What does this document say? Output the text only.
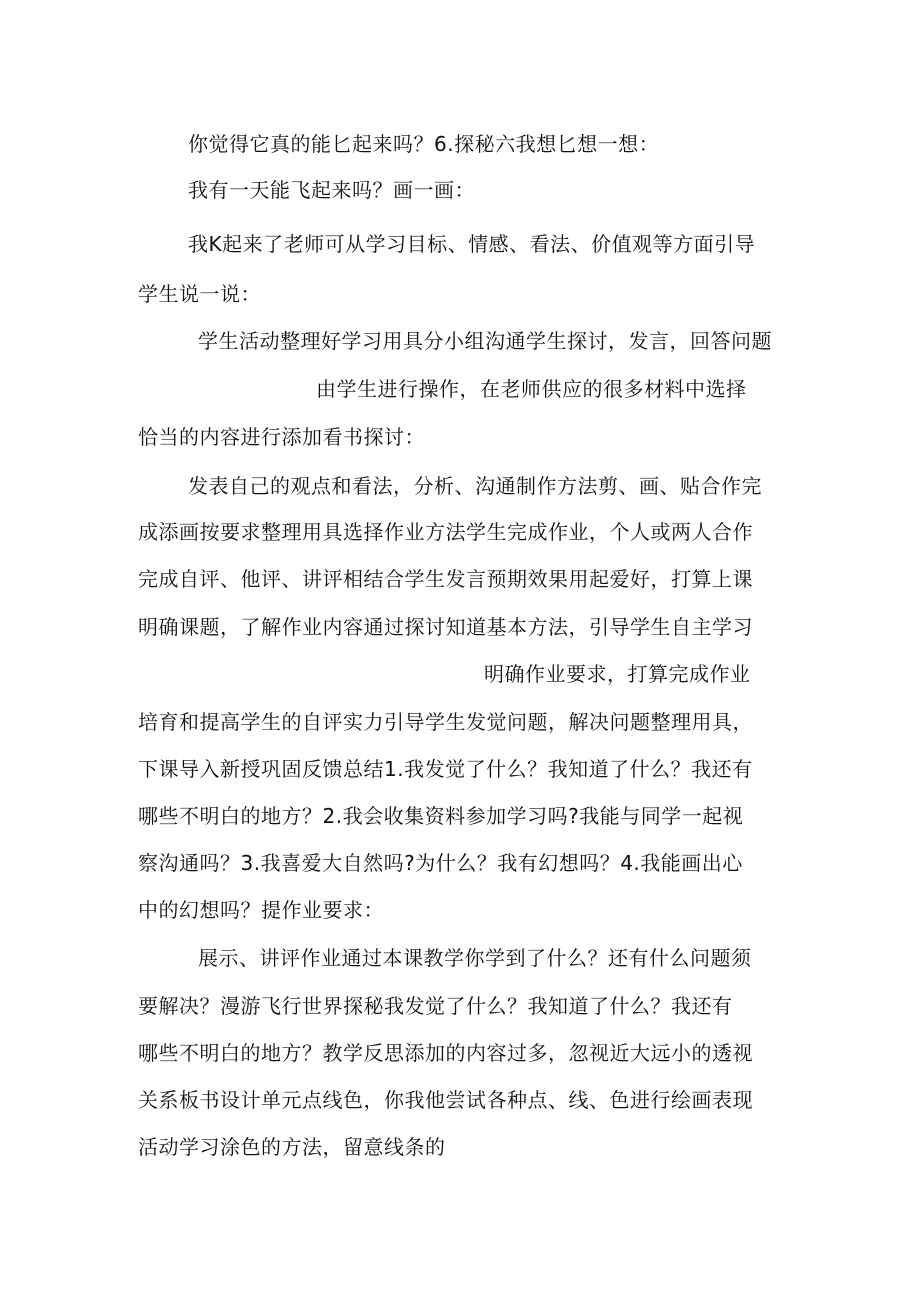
你觉得它真的能匕起来吗？6.探秘六我想匕想一想：
我有一天能飞起来吗？画一画：
我K起来了老师可从学习目标、情感、看法、价值观等方面引导
学生说一说：
学生活动整理好学习用具分小组沟通学生探讨，发言，回答问题
由学生进行操作，在老师供应的很多材料中选择
恰当的内容进行添加看书探讨：
发表自己的观点和看法，分析、沟通制作方法剪、画、贴合作完
成添画按要求整理用具选择作业方法学生完成作业，个人或两人合作
完成自评、他评、讲评相结合学生发言预期效果用起爱好，打算上课
明确课题，了解作业内容通过探讨知道基本方法，引导学生自主学习
明确作业要求，打算完成作业
培育和提高学生的自评实力引导学生发觉问题，解决问题整理用具，
下课导入新授巩固反馈总结1.我发觉了什么？我知道了什么？我还有
哪些不明白的地方？2.我会收集资料参加学习吗?我能与同学一起视
察沟通吗？3.我喜爱大自然吗?为什么？我有幻想吗？4.我能画出心
中的幻想吗？提作业要求：
展示、讲评作业通过本课教学你学到了什么？还有什么问题须
要解决？漫游飞行世界探秘我发觉了什么？我知道了什么？我还有
哪些不明白的地方？教学反思添加的内容过多，忽视近大远小的透视
关系板书设计单元点线色，你我他尝试各种点、线、色进行绘画表现
活动学习涂色的方法，留意线条的
